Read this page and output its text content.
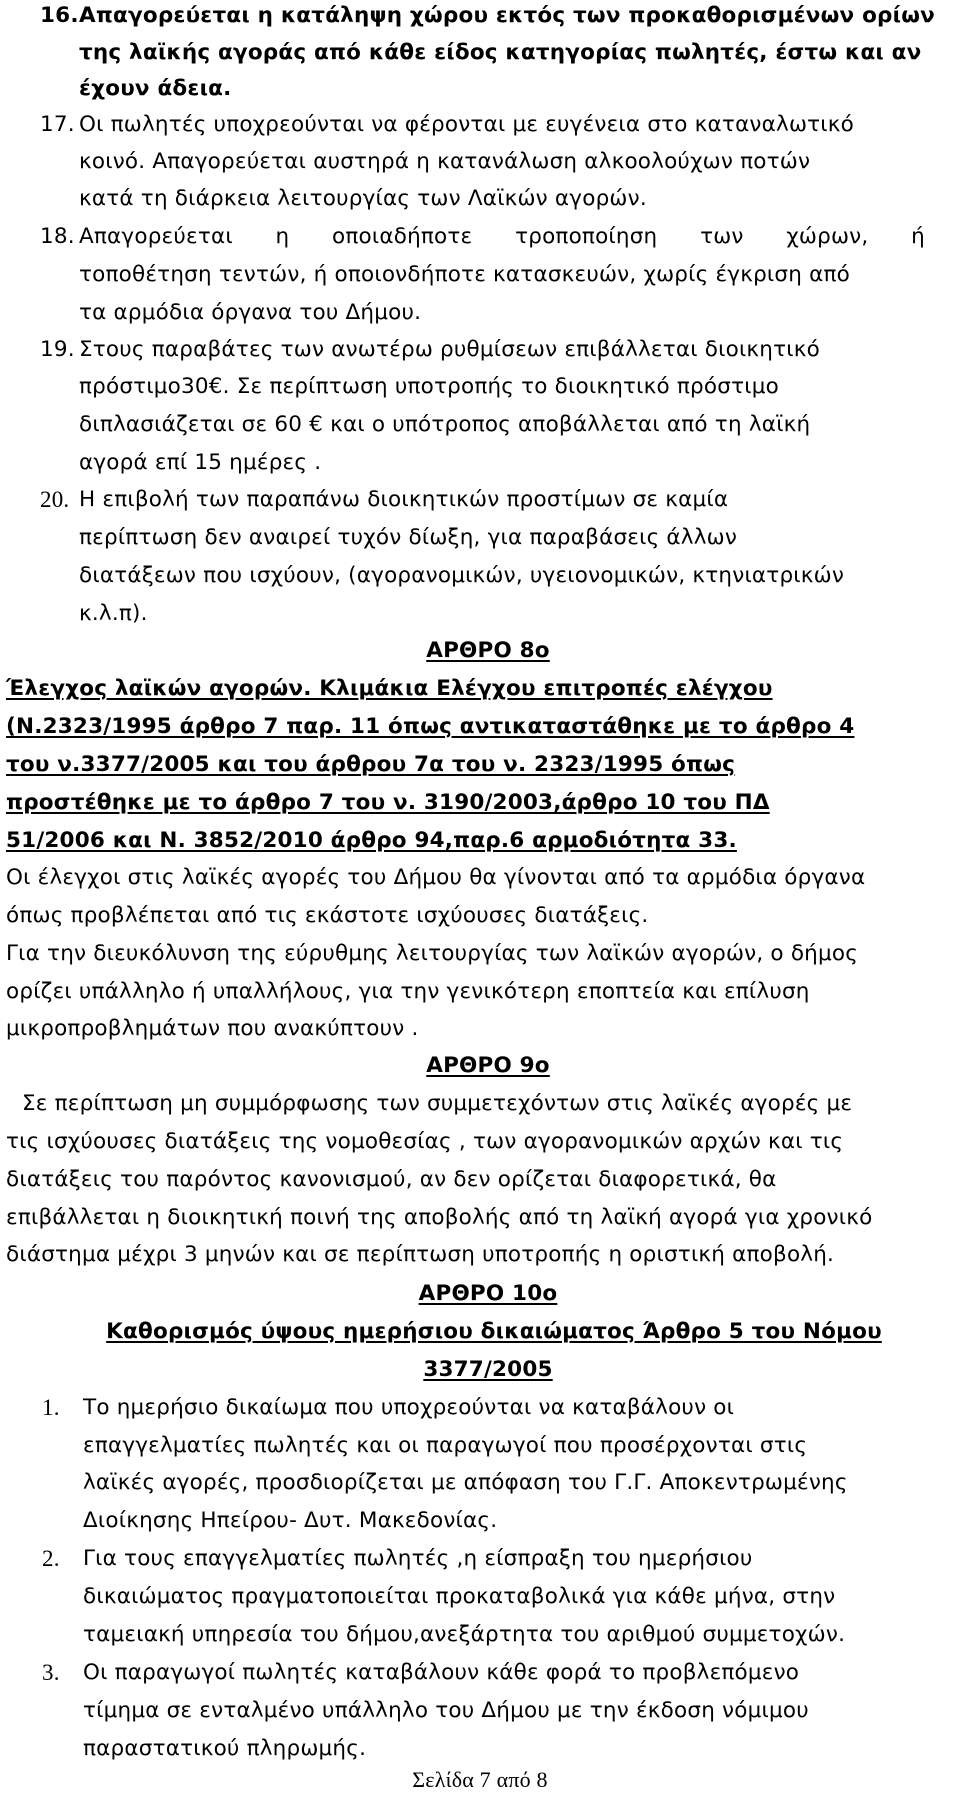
16. Απαγορεύεται η κατάληψη χώρου εκτός των προκαθορισμένων ορίων
της λαϊκής αγοράς από κάθε είδος κατηγορίας πωλητές, έστω και αν
έχουν άδεια.
17. Οι πωλητές υποχρεούνται να φέρονται με ευγένεια στο καταναλωτικό
κοινό. Απαγορεύεται αυστηρά η κατανάλωση αλκοολούχων ποτών
κατά τη διάρκεια λειτουργίας των Λαϊκών αγορών.
18. Απαγορεύεται η οποιαδήποτε τροποποίηση των χώρων, ή
τοποθέτηση τεντών, ή οποιονδήποτε κατασκευών, χωρίς έγκριση από
τα αρμόδια όργανα του Δήμου.
19. Στους παραβάτες των ανωτέρω ρυθμίσεων επιβάλλεται διοικητικό
πρόστιμο30€. Σε περίπτωση υποτροπής το διοικητικό πρόστιμο
διπλασιάζεται σε 60 € και ο υπότροπος αποβάλλεται από τη λαϊκή
αγορά επί 15 ημέρες .
20. Η επιβολή των παραπάνω διοικητικών προστίμων σε καμία
περίπτωση δεν αναιρεί τυχόν δίωξη, για παραβάσεις άλλων
διατάξεων που ισχύουν, (αγορανομικών, υγειονομικών, κτηνιατρικών
κ.λ.π).
ΑΡΘΡΟ 8ο
Έλεγχος λαϊκών αγορών. Κλιμάκια Ελέγχου επιτροπές ελέγχου
(Ν.2323/1995 άρθρο 7 παρ. 11 όπως αντικαταστάθηκε με το άρθρο 4
του ν.3377/2005 και του άρθρου 7α του ν. 2323/1995 όπως
προστέθηκε με το άρθρο 7 του ν. 3190/2003,άρθρο 10 του ΠΔ
51/2006 και Ν. 3852/2010 άρθρο 94,παρ.6 αρμοδιότητα 33.
Οι έλεγχοι στις λαϊκές αγορές του Δήμου θα γίνονται από τα αρμόδια όργανα
όπως προβλέπεται από τις εκάστοτε ισχύουσες διατάξεις.
Για την διευκόλυνση της εύρυθμης λειτουργίας των λαϊκών αγορών, ο δήμος
ορίζει υπάλληλο ή υπαλλήλους, για την γενικότερη εποπτεία και επίλυση
μικροπροβλημάτων που ανακύπτουν .
ΑΡΘΡΟ 9ο
Σε περίπτωση μη συμμόρφωσης των συμμετεχόντων στις λαϊκές αγορές με
τις ισχύουσες διατάξεις της νομοθεσίας , των αγορανομικών αρχών και τις
διατάξεις του παρόντος κανονισμού, αν δεν ορίζεται διαφορετικά, θα
επιβάλλεται η διοικητική ποινή της αποβολής από τη λαϊκή αγορά για χρονικό
διάστημα μέχρι 3 μηνών και σε περίπτωση υποτροπής η οριστική αποβολή.
ΑΡΘΡΟ 10ο
Καθορισμός ύψους ημερήσιου δικαιώματος Άρθρο 5 του Νόμου
3377/2005
1. Το ημερήσιο δικαίωμα που υποχρεούνται να καταβάλουν οι
επαγγελματίες πωλητές και οι παραγωγοί που προσέρχονται στις
λαϊκές αγορές, προσδιορίζεται με απόφαση του Γ.Γ. Αποκεντρωμένης
Διοίκησης Ηπείρου- Δυτ. Μακεδονίας.
2. Για τους επαγγελματίες πωλητές ,η είσπραξη του ημερήσιου
δικαιώματος πραγματοποιείται προκαταβολικά για κάθε μήνα, στην
ταμειακή υπηρεσία του δήμου,ανεξάρτητα του αριθμού συμμετοχών.
3. Οι παραγωγοί πωλητές καταβάλουν κάθε φορά το προβλεπόμενο
τίμημα σε ενταλμένο υπάλληλο του Δήμου με την έκδοση νόμιμου
παραστατικού πληρωμής.
Σελίδα 7 από 8
